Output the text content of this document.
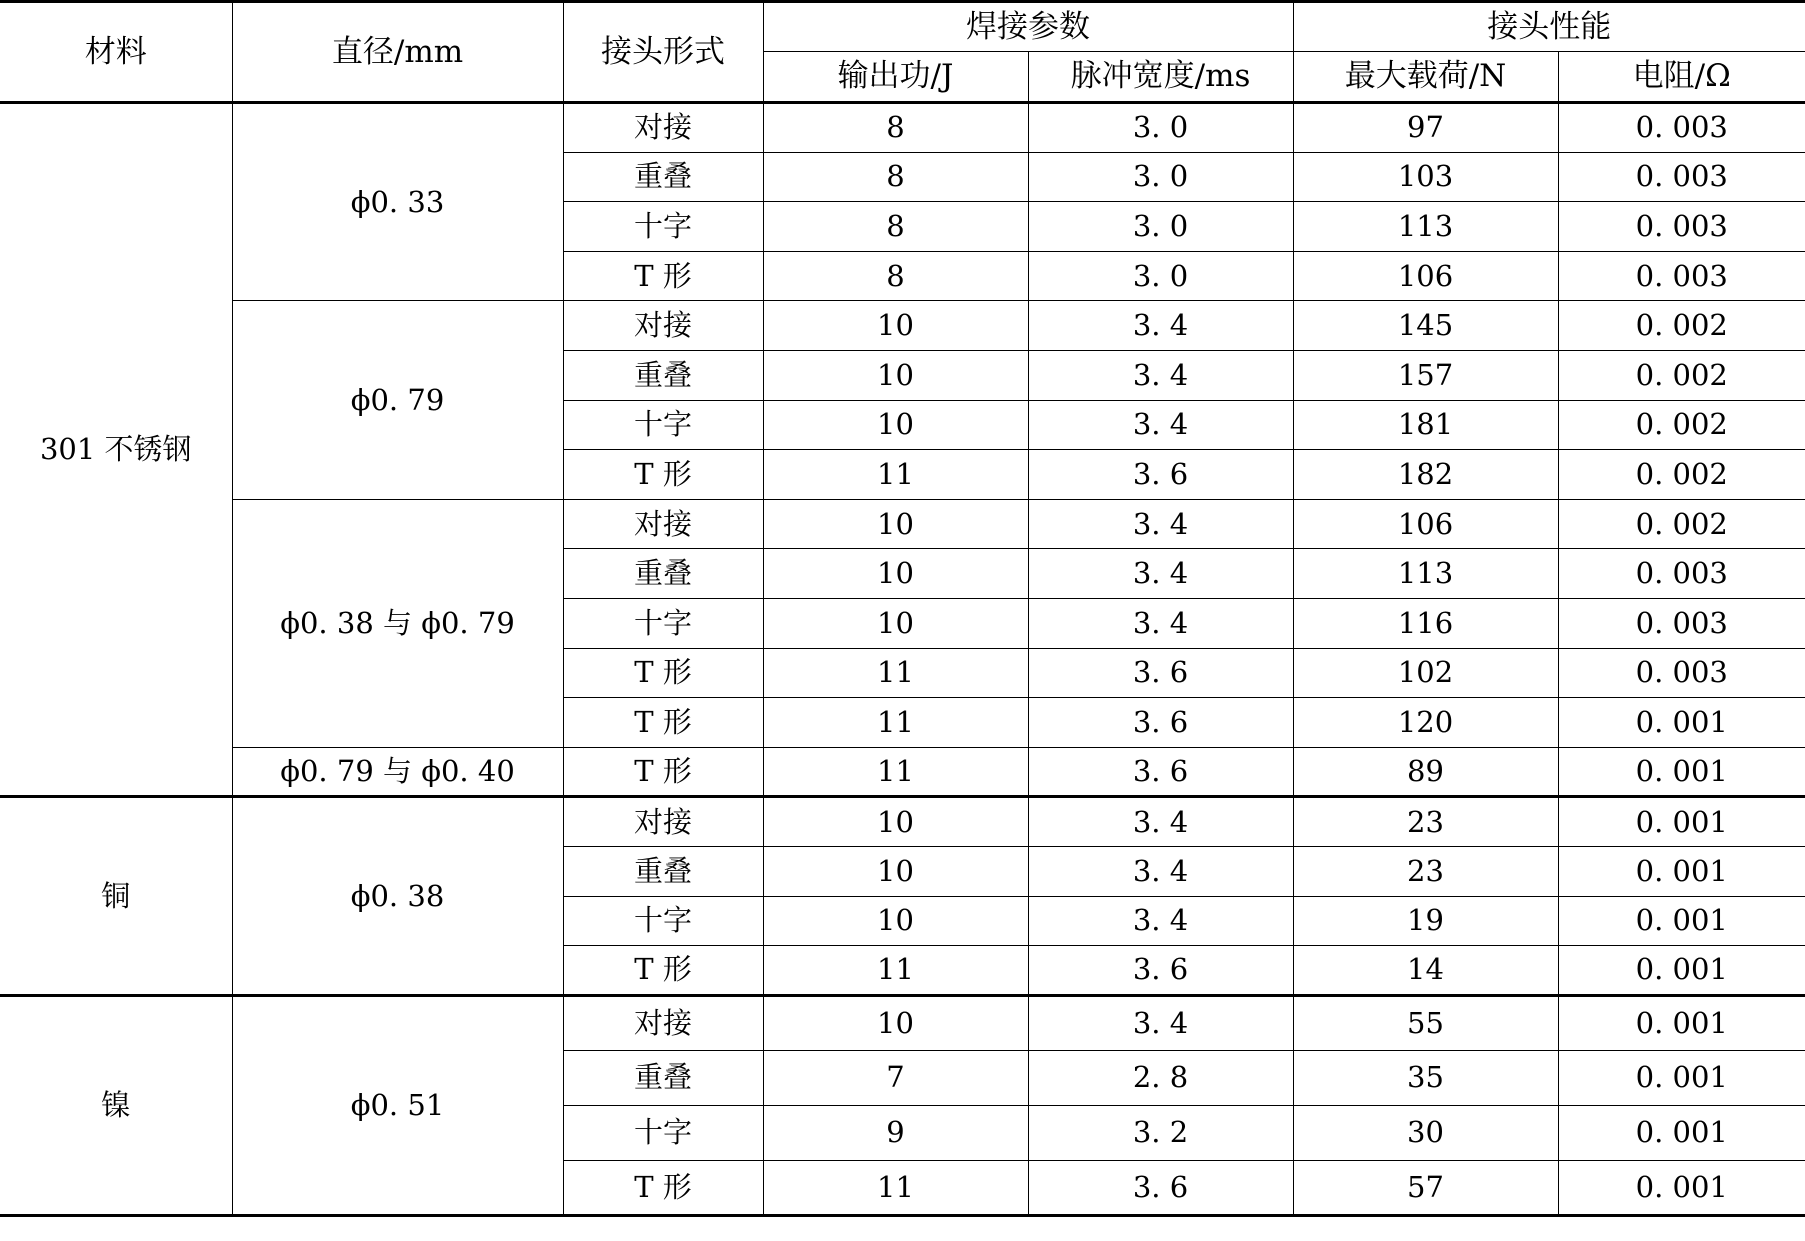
材料	直径/mm	接头形式	焊接参数		接头性能	
			输出功/J	脉冲宽度/ms	最大载荷/N	电阻/Ω
301 不锈钢	ϕ0. 33	对接	8	3. 0	97	0. 003
		重叠	8	3. 0	103	0. 003
		十字	8	3. 0	113	0. 003
		T 形	8	3. 0	106	0. 003
	ϕ0. 79	对接	10	3. 4	145	0. 002
		重叠	10	3. 4	157	0. 002
		十字	10	3. 4	181	0. 002
		T 形	11	3. 6	182	0. 002
	ϕ0. 38 与 ϕ0. 79	对接	10	3. 4	106	0. 002
		重叠	10	3. 4	113	0. 003
		十字	10	3. 4	116	0. 003
		T 形	11	3. 6	102	0. 003
		T 形	11	3. 6	120	0. 001
	ϕ0. 79 与 ϕ0. 40	T 形	11	3. 6	89	0. 001
铜	ϕ0. 38	对接	10	3. 4	23	0. 001
		重叠	10	3. 4	23	0. 001
		十字	10	3. 4	19	0. 001
		T 形	11	3. 6	14	0. 001
镍	ϕ0. 51	对接	10	3. 4	55	0. 001
		重叠	7	2. 8	35	0. 001
		十字	9	3. 2	30	0. 001
		T 形	11	3. 6	57	0. 001
